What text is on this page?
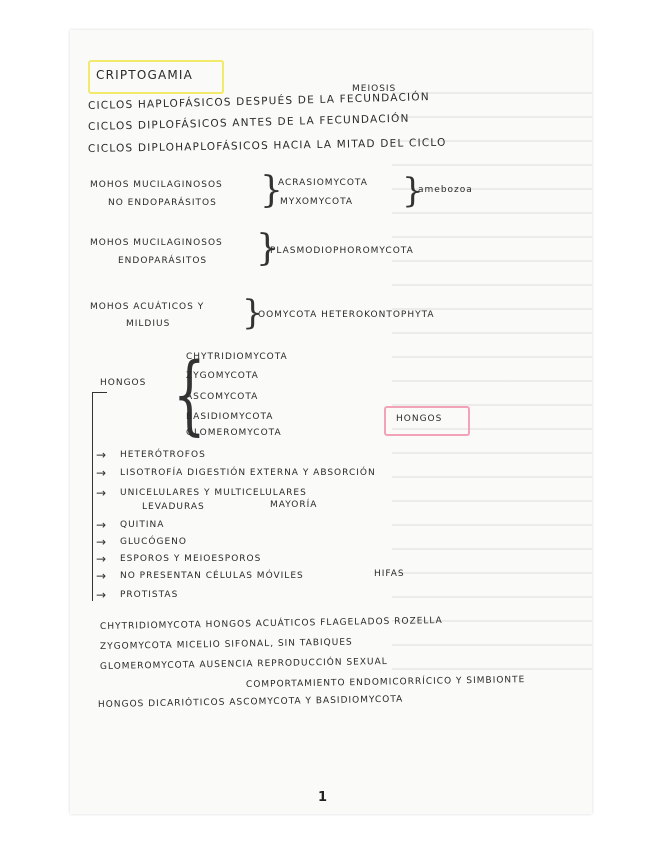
CRIPTOGAMIA
MEIOSIS
CICLOS HAPLOFÁSICOS DESPUÉS DE LA FECUNDACIÓN
CICLOS DIPLOFÁSICOS ANTES DE LA FECUNDACIÓN
CICLOS DIPLOHAPLOFÁSICOS HACIA LA MITAD DEL CICLO
MOHOS MUCILAGINOSOS
NO ENDOPARÁSITOS }
ACRASIOMYCOTA
MYXOMYCOTA }
amebozoa
MOHOS MUCILAGINOSOS
ENDOPARÁSITOS }
PLASMODIOPHOROMYCOTA
MOHOS ACUÁTICOS Y
MILDIUS }
OOMYCOTA HETEROKONTOPHYTA
HONGOS }
CHYTRIDIOMYCOTA
ZYGOMYCOTA
ASCOMYCOTA
BASIDIOMYCOTA
GLOMEROMYCOTA
HONGOS
→ HETERÓTROFOS
→ LISOTROFÍA DIGESTIÓN EXTERNA Y ABSORCIÓN
→ UNICELULARES Y MULTICELULARES
LEVADURAS	MAYORÍA
→ QUITINA
→ GLUCÓGENO
→ ESPOROS Y MEIOESPOROS
→ NO PRESENTAN CÉLULAS MÓVILES	HIFAS
→ PROTISTAS
CHYTRIDIOMYCOTA HONGOS ACUÁTICOS FLAGELADOS ROZELLA
ZYGOMYCOTA MICELIO SIFONAL, SIN TABIQUES
GLOMEROMYCOTA AUSENCIA REPRODUCCIÓN SEXUAL
COMPORTAMIENTO ENDOMICORRÍCICO Y SIMBIONTE
HONGOS DICARIÓTICOS ASCOMYCOTA Y BASIDIOMYCOTA
1
